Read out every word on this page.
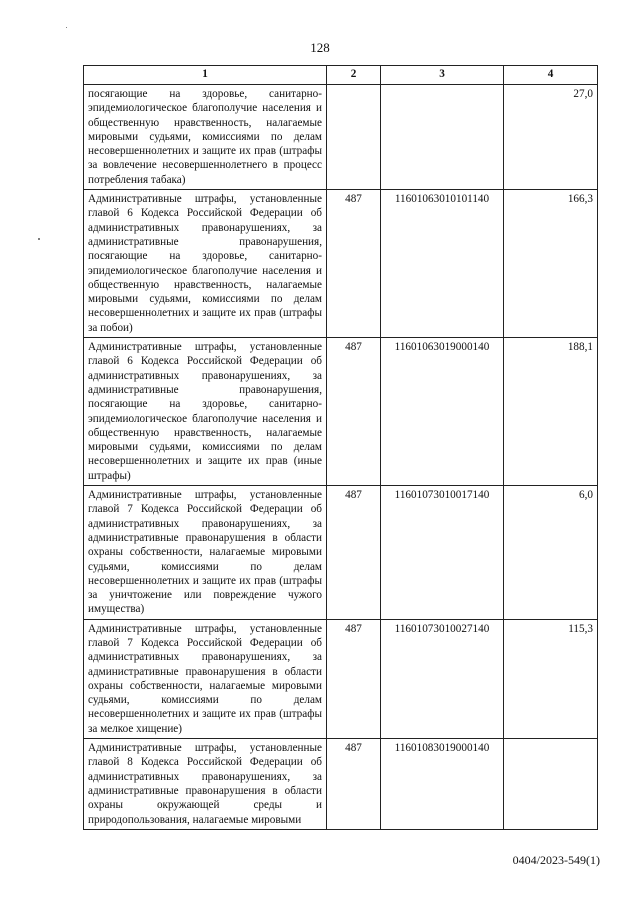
128
1	2	3	4
посягающие на здоровье, санитарно-эпидемиологическое благополучие населения и общественную нравственность, налагаемые мировыми судьями, комиссиями по делам несовершеннолетних и защите их прав (штрафы за вовлечение несовершеннолетнего в процесс потребления табака)			27,0
Административные штрафы, установленные главой 6 Кодекса Российской Федерации об административных правонарушениях, за административные правонарушения, посягающие на здоровье, санитарно-эпидемиологическое благополучие населения и общественную нравственность, налагаемые мировыми судьями, комиссиями по делам несовершеннолетних и защите их прав (штрафы за побои)	487	11601063010101140	166,3
Административные штрафы, установленные главой 6 Кодекса Российской Федерации об административных правонарушениях, за административные правонарушения, посягающие на здоровье, санитарно-эпидемиологическое благополучие населения и общественную нравственность, налагаемые мировыми судьями, комиссиями по делам несовершеннолетних и защите их прав (иные штрафы)	487	11601063019000140	188,1
Административные штрафы, установленные главой 7 Кодекса Российской Федерации об административных правонарушениях, за административные правонарушения в области охраны собственности, налагаемые мировыми судьями, комиссиями по делам несовершеннолетних и защите их прав (штрафы за уничтожение или повреждение чужого имущества)	487	11601073010017140	6,0
Административные штрафы, установленные главой 7 Кодекса Российской Федерации об административных правонарушениях, за административные правонарушения в области охраны собственности, налагаемые мировыми судьями, комиссиями по делам несовершеннолетних и защите их прав (штрафы за мелкое хищение)	487	11601073010027140	115,3
Административные штрафы, установленные главой 8 Кодекса Российской Федерации об административных правонарушениях, за административные правонарушения в области охраны окружающей среды и природопользования, налагаемые мировыми	487	11601083019000140	
0404/2023-549(1)
